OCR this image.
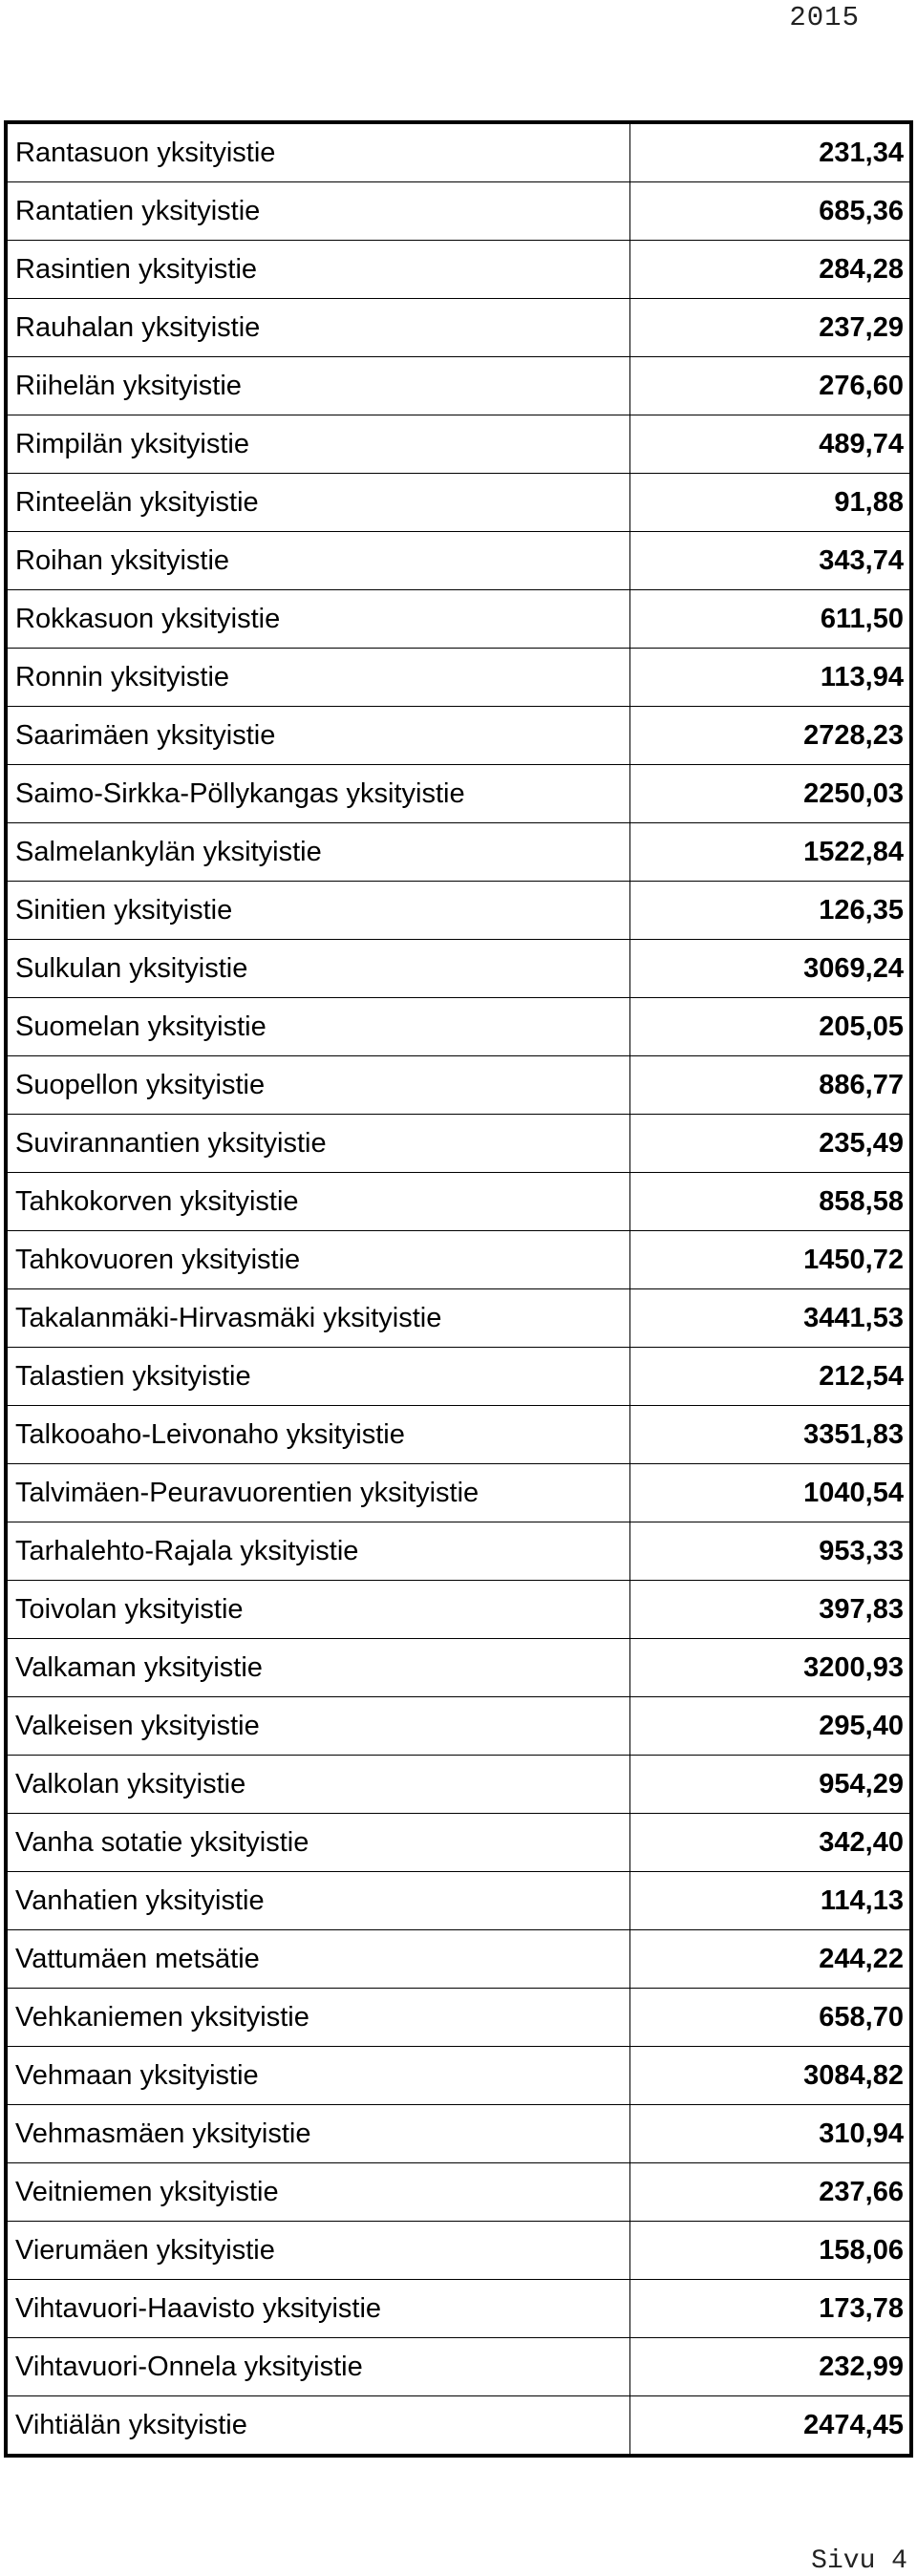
2015
Rantasuon yksityistie	231,34
Rantatien yksityistie	685,36
Rasintien yksityistie	284,28
Rauhalan yksityistie	237,29
Riihelän yksityistie	276,60
Rimpilän yksityistie	489,74
Rinteelän yksityistie	91,88
Roihan yksityistie	343,74
Rokkasuon yksityistie	611,50
Ronnin yksityistie	113,94
Saarimäen yksityistie	2728,23
Saimo-Sirkka-Pöllykangas yksityistie	2250,03
Salmelankylän yksityistie	1522,84
Sinitien yksityistie	126,35
Sulkulan yksityistie	3069,24
Suomelan yksityistie	205,05
Suopellon yksityistie	886,77
Suvirannantien yksityistie	235,49
Tahkokorven yksityistie	858,58
Tahkovuoren yksityistie	1450,72
Takalanmäki-Hirvasmäki yksityistie	3441,53
Talastien yksityistie	212,54
Talkooaho-Leivonaho yksityistie	3351,83
Talvimäen-Peuravuorentien yksityistie	1040,54
Tarhalehto-Rajala yksityistie	953,33
Toivolan yksityistie	397,83
Valkaman yksityistie	3200,93
Valkeisen yksityistie	295,40
Valkolan yksityistie	954,29
Vanha sotatie yksityistie	342,40
Vanhatien yksityistie	114,13
Vattumäen metsätie	244,22
Vehkaniemen yksityistie	658,70
Vehmaan yksityistie	3084,82
Vehmasmäen yksityistie	310,94
Veitniemen yksityistie	237,66
Vierumäen yksityistie	158,06
Vihtavuori-Haavisto yksityistie	173,78
Vihtavuori-Onnela yksityistie	232,99
Vihtiälän yksityistie	2474,45
Sivu 4
